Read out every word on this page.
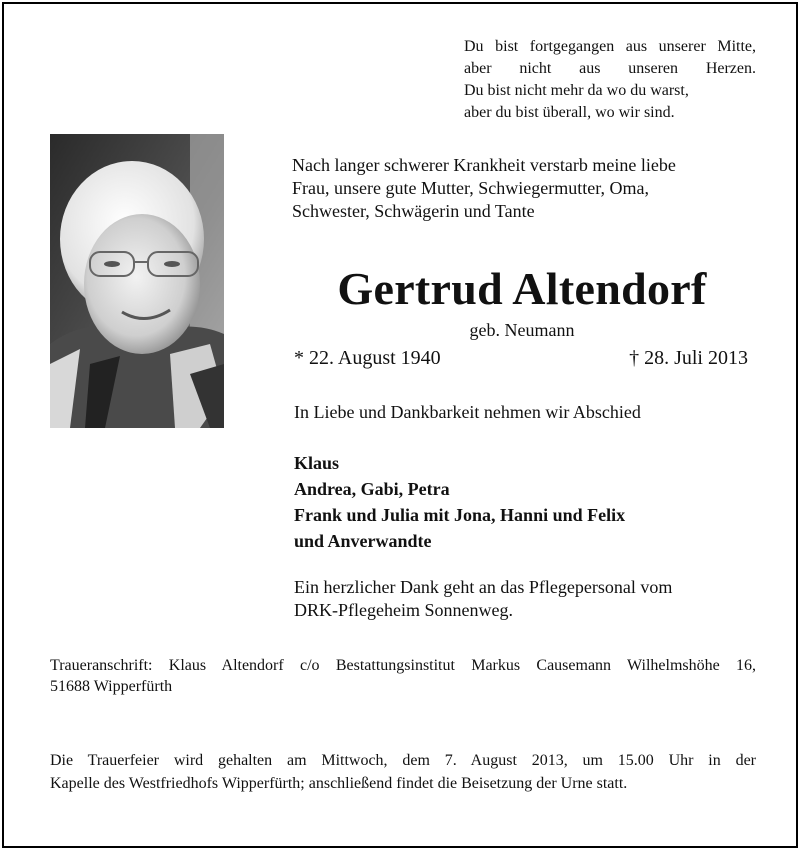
Du bist fortgegangen aus unserer Mitte,
aber nicht aus unseren Herzen.
Du bist nicht mehr da wo du warst,
aber du bist überall, wo wir sind.
Nach langer schwerer Krankheit verstarb meine liebe
Frau, unsere gute Mutter, Schwiegermutter, Oma,
Schwester, Schwägerin und Tante
Gertrud Altendorf
geb. Neumann
* 22. August 1940	† 28. Juli 2013
In Liebe und Dankbarkeit nehmen wir Abschied
Klaus
Andrea, Gabi, Petra
Frank und Julia mit Jona, Hanni und Felix
und Anverwandte
Ein herzlicher Dank geht an das Pflegepersonal vom
DRK-Pflegeheim Sonnenweg.
Traueranschrift: Klaus Altendorf c/o Bestattungsinstitut Markus Causemann Wilhelmshöhe 16,
51688 Wipperfürth
Die Trauerfeier wird gehalten am Mittwoch, dem 7. August 2013, um 15.00 Uhr in der
Kapelle des Westfriedhofs Wipperfürth; anschließend findet die Beisetzung der Urne statt.
